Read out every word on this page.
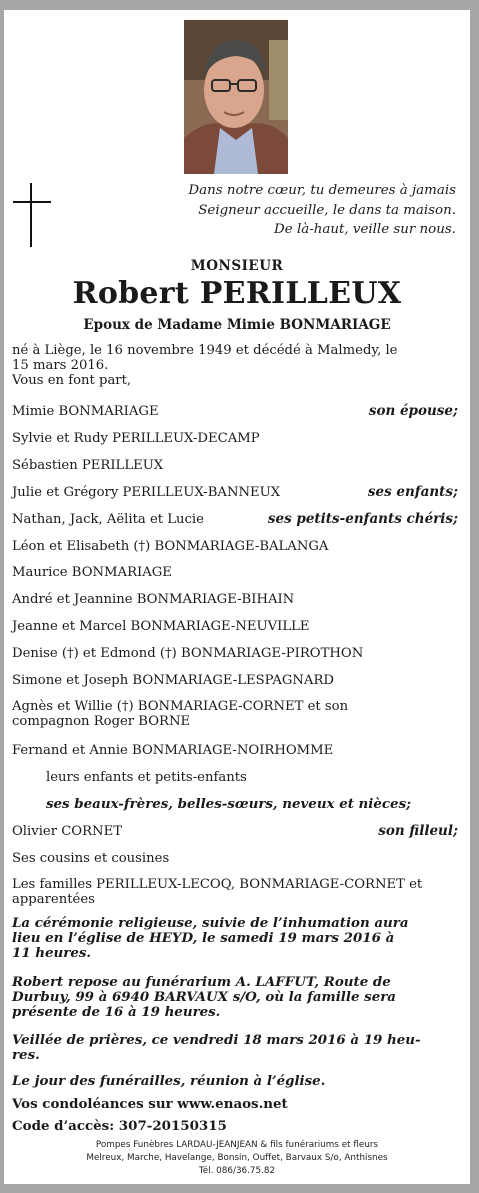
Dans notre cœur, tu demeures à jamais
Seigneur accueille, le dans ta maison.
De là-haut, veille sur nous.
MONSIEUR
Robert PERILLEUX
Epoux de Madame Mimie BONMARIAGE
né à Liège, le 16 novembre 1949 et décédé à Malmedy, le
15 mars 2016.
Vous en font part,
Mimie BONMARIAGE	son épouse;
Sylvie et Rudy PERILLEUX-DECAMP
Sébastien PERILLEUX
Julie et Grégory PERILLEUX-BANNEUX	ses enfants;
Nathan, Jack, Aëlita et Lucie	ses petits-enfants chéris;
Léon et Elisabeth (†) BONMARIAGE-BALANGA
Maurice BONMARIAGE
André et Jeannine BONMARIAGE-BIHAIN
Jeanne et Marcel BONMARIAGE-NEUVILLE
Denise (†) et Edmond (†) BONMARIAGE-PIROTHON
Simone et Joseph BONMARIAGE-LESPAGNARD
Agnès et Willie (†) BONMARIAGE-CORNET et son
compagnon Roger BORNE
Fernand et Annie BONMARIAGE-NOIRHOMME
leurs enfants et petits-enfants
ses beaux-frères, belles-sœurs, neveux et nièces;
Olivier CORNET	son filleul;
Ses cousins et cousines
Les familles PERILLEUX-LECOQ, BONMARIAGE-CORNET et
apparentées
La cérémonie religieuse, suivie de l’inhumation aura
lieu en l’église de HEYD, le samedi 19 mars 2016 à
11 heures.
Robert repose au funérarium A. LAFFUT, Route de
Durbuy, 99 à 6940 BARVAUX s/O, où la famille sera
présente de 16 à 19 heures.
Veillée de prières, ce vendredi 18 mars 2016 à 19 heu-
res.
Le jour des funérailles, réunion à l’église.
Vos condoléances sur www.enaos.net
Code d’accès: 307-20150315
Pompes Funèbres LARDAU-JEANJEAN & fils funérariums et fleurs
Melreux, Marche, Havelange, Bonsin, Ouffet, Barvaux S/o, Anthisnes
Tél. 086/36.75.82
